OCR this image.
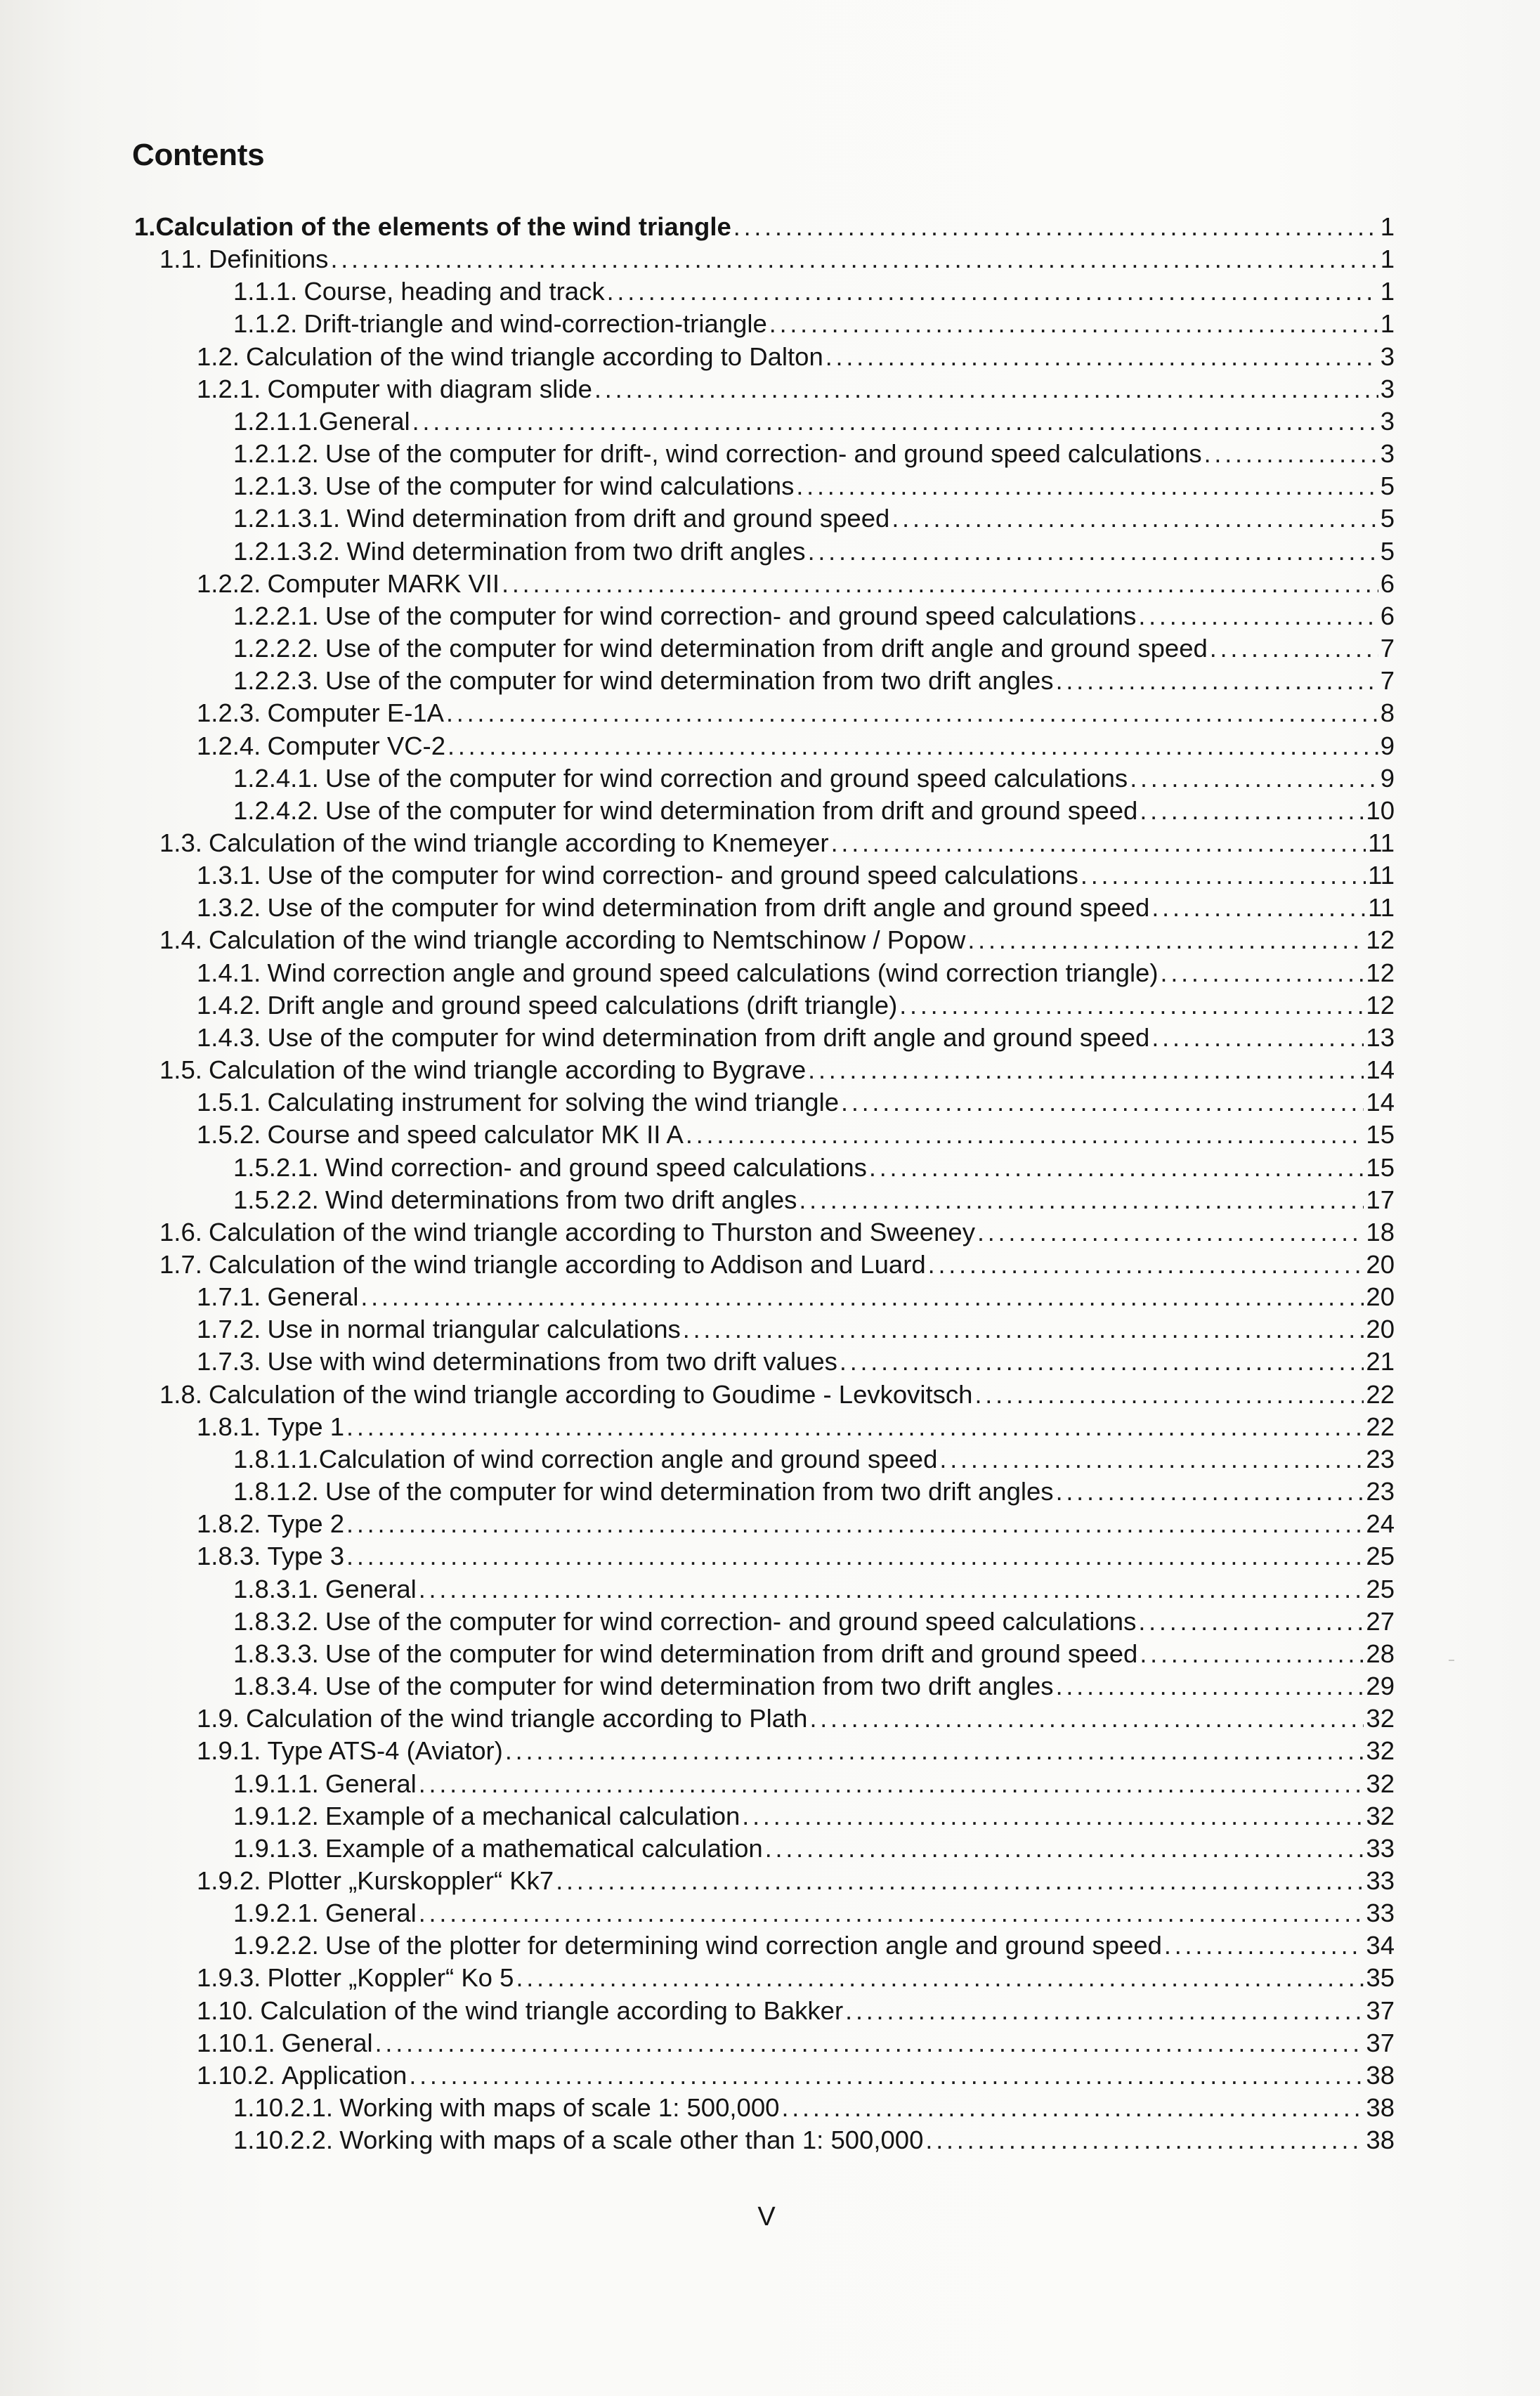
Contents
1.Calculation of the elements of the wind triangle . . .	1
1.1. Definitions . . .	1
1.1.1. Course, heading and track . . .	1
1.1.2. Drift-triangle and wind-correction-triangle . . .	1
1.2. Calculation of the wind triangle according to Dalton . . .	3
1.2.1. Computer with diagram slide . . .	3
1.2.1.1.General . . .	3
1.2.1.2. Use of the computer for drift-, wind correction- and ground speed calculations . . .	3
1.2.1.3. Use of the computer for wind calculations . . .	5
1.2.1.3.1. Wind determination from drift and ground speed . . .	5
1.2.1.3.2. Wind determination from two drift angles . . .	5
1.2.2. Computer MARK VII . . .	6
1.2.2.1. Use of the computer for wind correction- and ground speed calculations . . .	6
1.2.2.2. Use of the computer for wind determination from drift angle and ground speed . . .	7
1.2.2.3. Use of the computer for wind determination from two drift angles . . .	7
1.2.3. Computer E-1A . . .	8
1.2.4. Computer VC-2 . . .	9
1.2.4.1. Use of the computer for wind correction and ground speed calculations . . .	9
1.2.4.2. Use of the computer for wind determination from drift and ground speed . . .	10
1.3. Calculation of the wind triangle according to Knemeyer . . .	11
1.3.1. Use of the computer for wind correction- and ground speed calculations . . .	11
1.3.2. Use of the computer for wind determination from drift angle and ground speed . . .	11
1.4. Calculation of the wind triangle according to Nemtschinow / Popow . . .	12
1.4.1. Wind correction angle and ground speed calculations (wind correction triangle) . . .	12
1.4.2. Drift angle and ground speed calculations (drift triangle) . . .	12
1.4.3. Use of the computer for wind determination from drift angle and ground speed . . .	13
1.5. Calculation of the wind triangle according to Bygrave . . .	14
1.5.1. Calculating instrument for solving the wind triangle . . .	14
1.5.2. Course and speed calculator MK II A . . .	15
1.5.2.1. Wind correction- and ground speed calculations . . .	15
1.5.2.2. Wind determinations from two drift angles . . .	17
1.6. Calculation of the wind triangle according to Thurston and Sweeney . . .	18
1.7. Calculation of the wind triangle according to Addison and Luard . . .	20
1.7.1. General . . .	20
1.7.2. Use in normal triangular calculations . . .	20
1.7.3. Use with wind determinations from two drift values . . .	21
1.8. Calculation of the wind triangle according to Goudime - Levkovitsch . . .	22
1.8.1. Type 1 . . .	22
1.8.1.1.Calculation of wind correction angle and ground speed . . .	23
1.8.1.2. Use of the computer for wind determination from two drift angles . . .	23
1.8.2. Type 2 . . .	24
1.8.3. Type 3 . . .	25
1.8.3.1. General . . .	25
1.8.3.2. Use of the computer for wind correction- and ground speed calculations . . .	27
1.8.3.3. Use of the computer for wind determination from drift and ground speed . . .	28
1.8.3.4. Use of the computer for wind determination from two drift angles . . .	29
1.9. Calculation of the wind triangle according to Plath . . .	32
1.9.1. Type ATS-4 (Aviator) . . .	32
1.9.1.1. General . . .	32
1.9.1.2. Example of a mechanical calculation . . .	32
1.9.1.3. Example of a mathematical calculation . . .	33
1.9.2. Plotter „Kurskoppler“ Kk7 . . .	33
1.9.2.1. General . . .	33
1.9.2.2. Use of the plotter for determining wind correction angle and ground speed . . .	34
1.9.3. Plotter „Koppler“ Ko 5 . . .	35
1.10. Calculation of the wind triangle according to Bakker . . .	37
1.10.1. General . . .	37
1.10.2. Application . . .	38
1.10.2.1. Working with maps of scale 1: 500,000 . . .	38
1.10.2.2. Working with maps of a scale other than 1: 500,000 . . .	38
V
